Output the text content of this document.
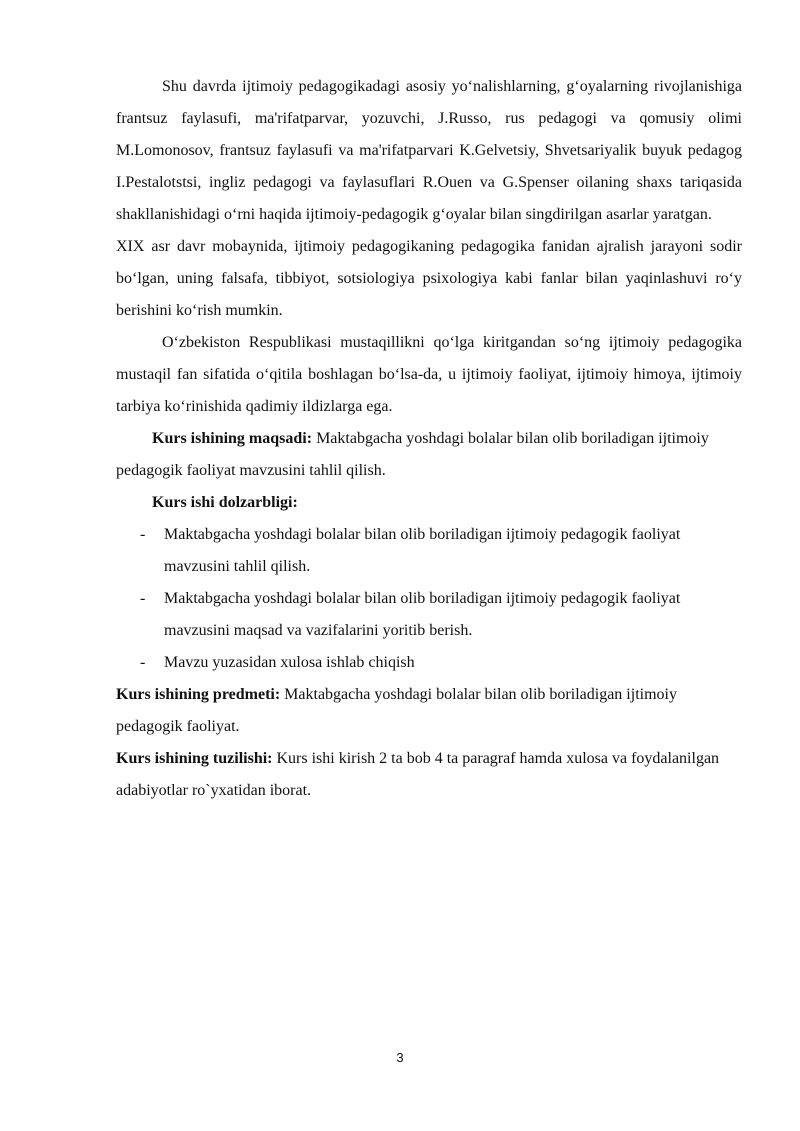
Shu davrda ijtimoiy pedagogikadagi asosiy yo‘nalishlarning, g‘oyalarning rivojlanishiga frantsuz faylasufi, ma'rifatparvar, yozuvchi, J.Russo, rus pedagogi va qomusiy olimi M.Lomonosov, frantsuz faylasufi va ma'rifatparvari K.Gelvetsiy, Shvetsariyalik buyuk pedagog I.Pestalotstsi, ingliz pedagogi va faylasuflari R.Ouen va G.Spenser oilaning shaxs tariqasida shakllanishidagi o‘rni haqida ijtimoiy-pedagogik g‘oyalar bilan singdirilgan asarlar yaratgan.

XIX asr davr mobaynida, ijtimoiy pedagogikaning pedagogika fanidan ajralish jarayoni sodir bo‘lgan, uning falsafa, tibbiyot, sotsiologiya psixologiya kabi fanlar bilan yaqinlashuvi ro‘y berishini ko‘rish mumkin.

O‘zbekiston Respublikasi mustaqillikni qo‘lga kiritgandan so‘ng ijtimoiy pedagogika mustaqil fan sifatida o‘qitila boshlagan bo‘lsa-da, u ijtimoiy faoliyat, ijtimoiy himoya, ijtimoiy tarbiya ko‘rinishida qadimiy ildizlarga ega.

Kurs ishining maqsadi: Maktabgacha yoshdagi bolalar bilan olib boriladigan ijtimoiy pedagogik faoliyat mavzusini tahlil qilish.

Kurs ishi dolzarbligi:

- Maktabgacha yoshdagi bolalar bilan olib boriladigan ijtimoiy pedagogik faoliyat mavzusini tahlil qilish.
- Maktabgacha yoshdagi bolalar bilan olib boriladigan ijtimoiy pedagogik faoliyat mavzusini maqsad va vazifalarini yoritib berish.
- Mavzu yuzasidan xulosa ishlab chiqish

Kurs ishining predmeti: Maktabgacha yoshdagi bolalar bilan olib boriladigan ijtimoiy pedagogik faoliyat.

Kurs ishining tuzilishi: Kurs ishi kirish 2 ta bob 4 ta paragraf hamda xulosa va foydalanilgan adabiyotlar ro`yxatidan iborat.

3
